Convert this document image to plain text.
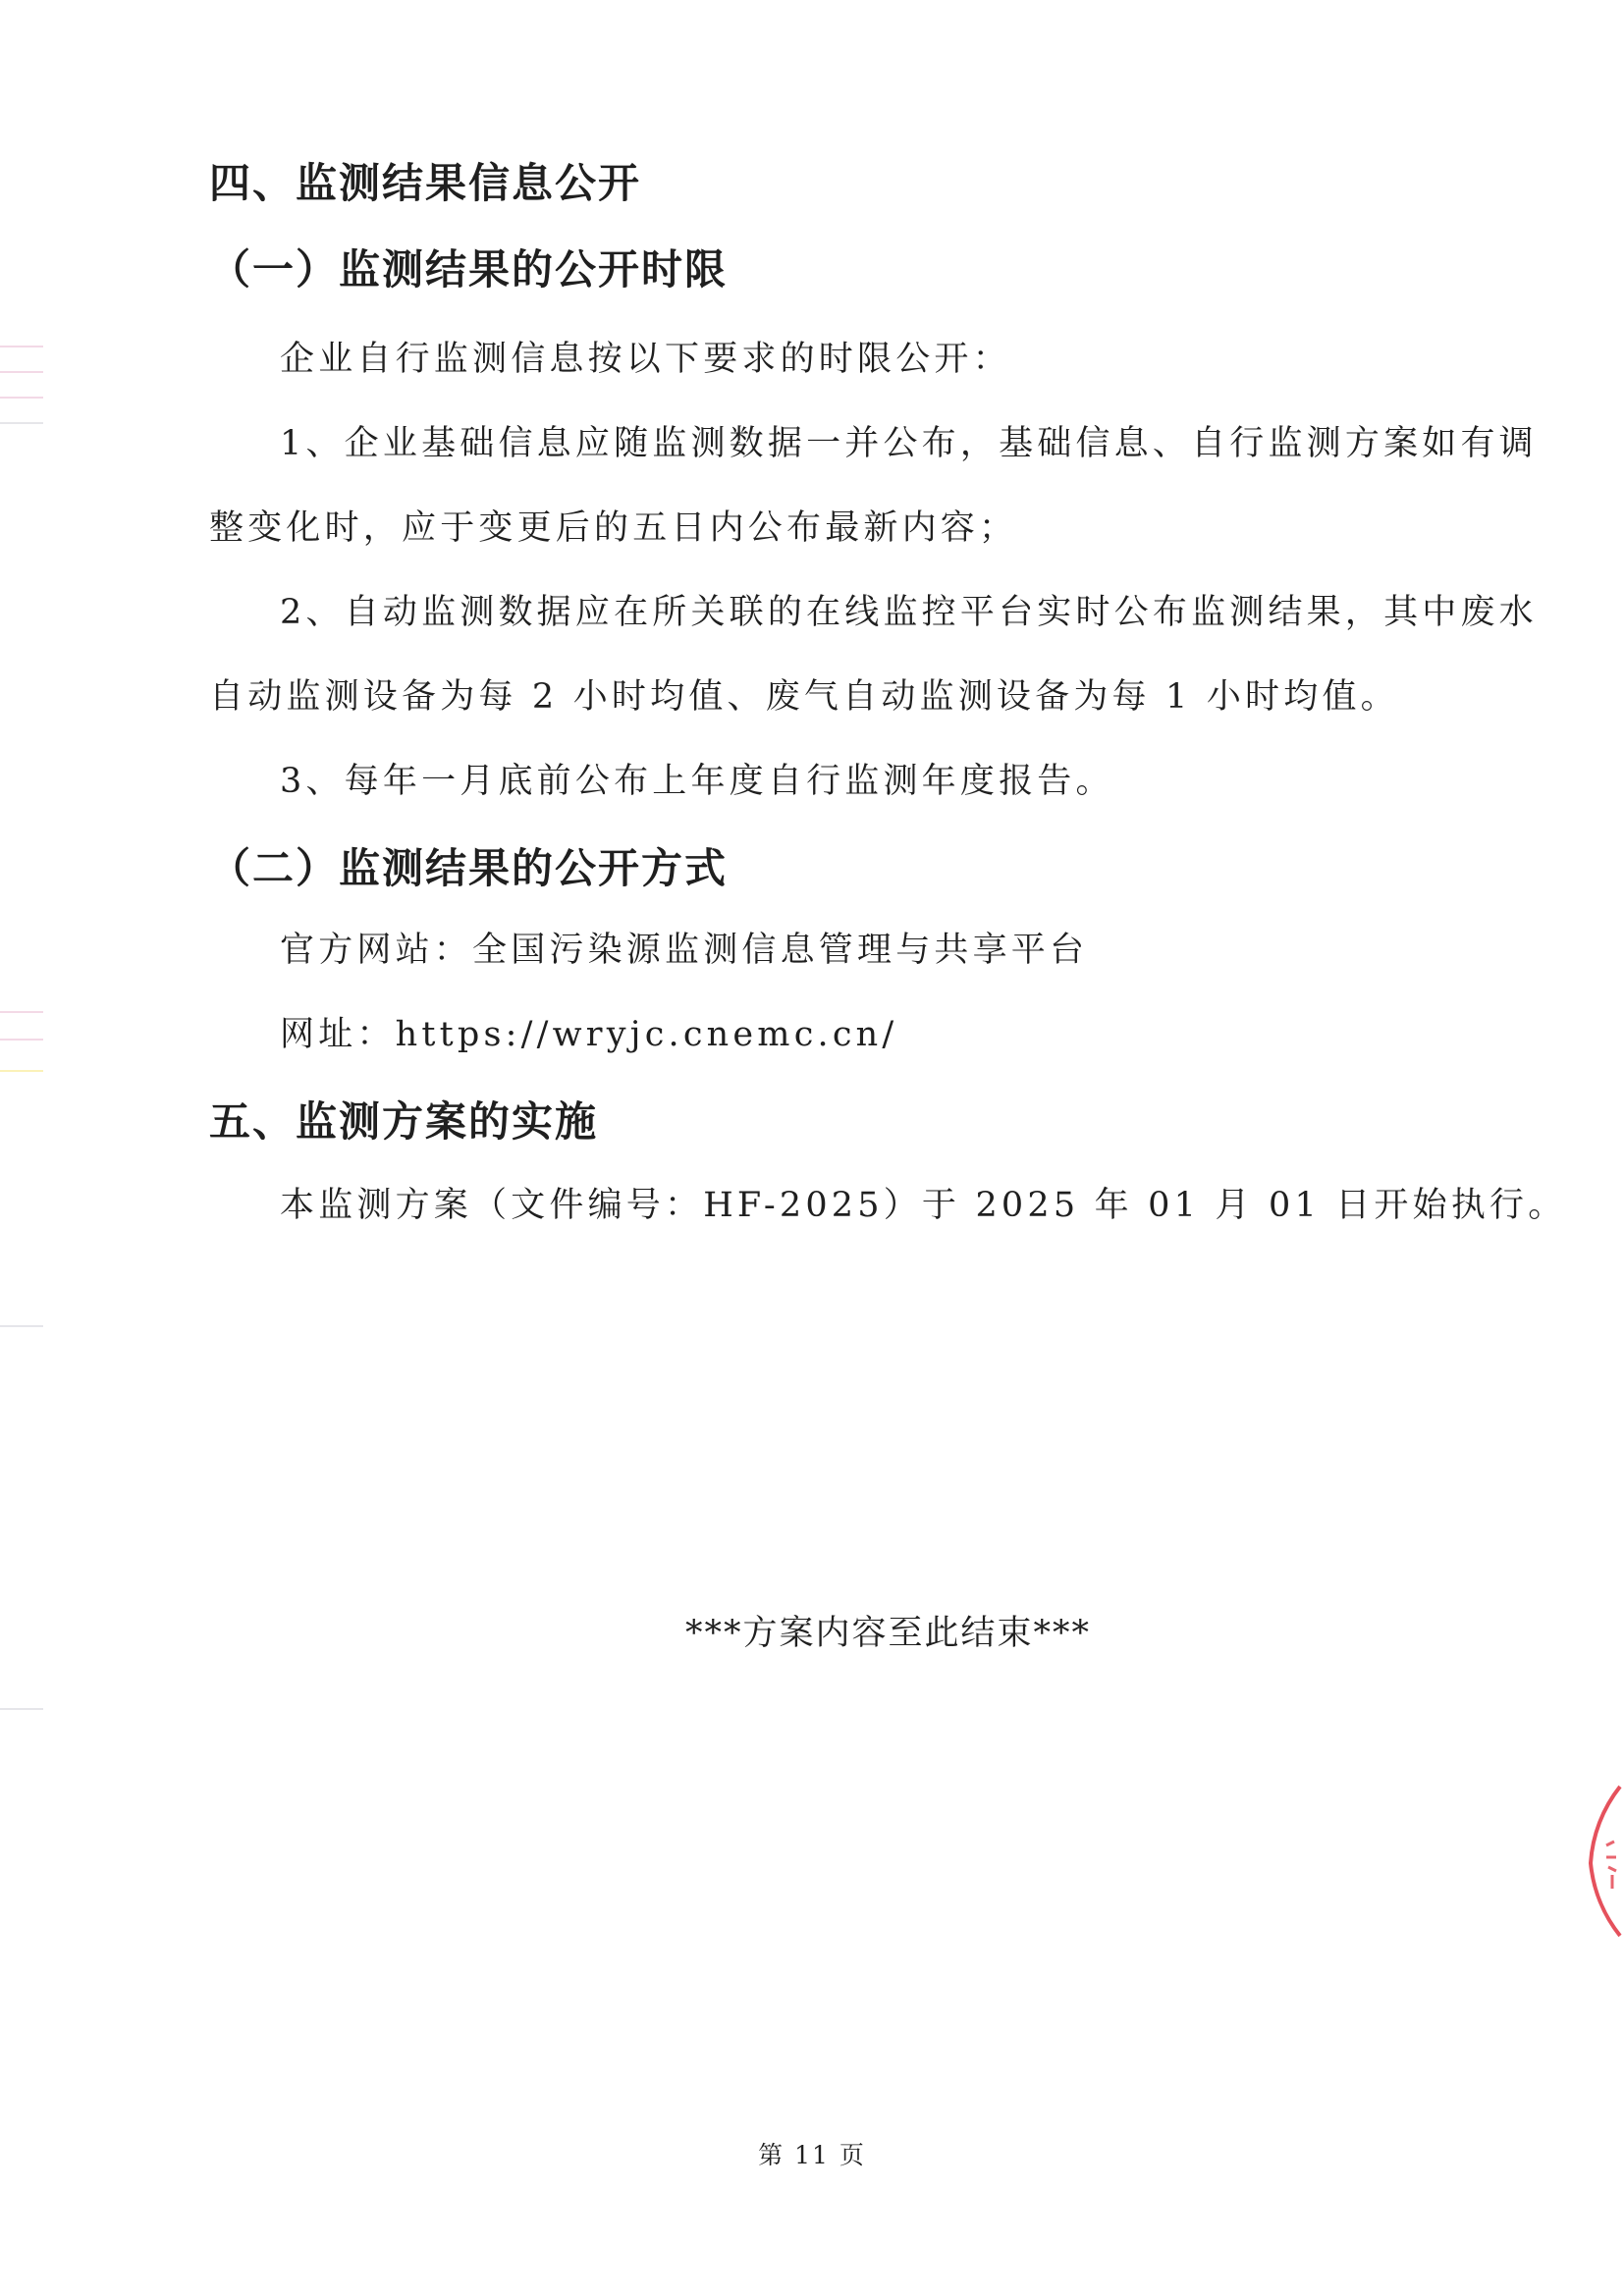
四、监测结果信息公开
（一）监测结果的公开时限

企业自行监测信息按以下要求的时限公开：

1、企业基础信息应随监测数据一并公布，基础信息、自行监测方案如有调

整变化时，应于变更后的五日内公布最新内容；

2、自动监测数据应在所关联的在线监控平台实时公布监测结果，其中废水

自动监测设备为每 2 小时均值、废气自动监测设备为每 1 小时均值。

3、每年一月底前公布上年度自行监测年度报告。

（二）监测结果的公开方式

官方网站：全国污染源监测信息管理与共享平台

网址：https://wryjc.cnemc.cn/

五、监测方案的实施

本监测方案（文件编号：HF-2025）于 2025 年 01 月 01 日开始执行。

***方案内容至此结束***

第 11 页
